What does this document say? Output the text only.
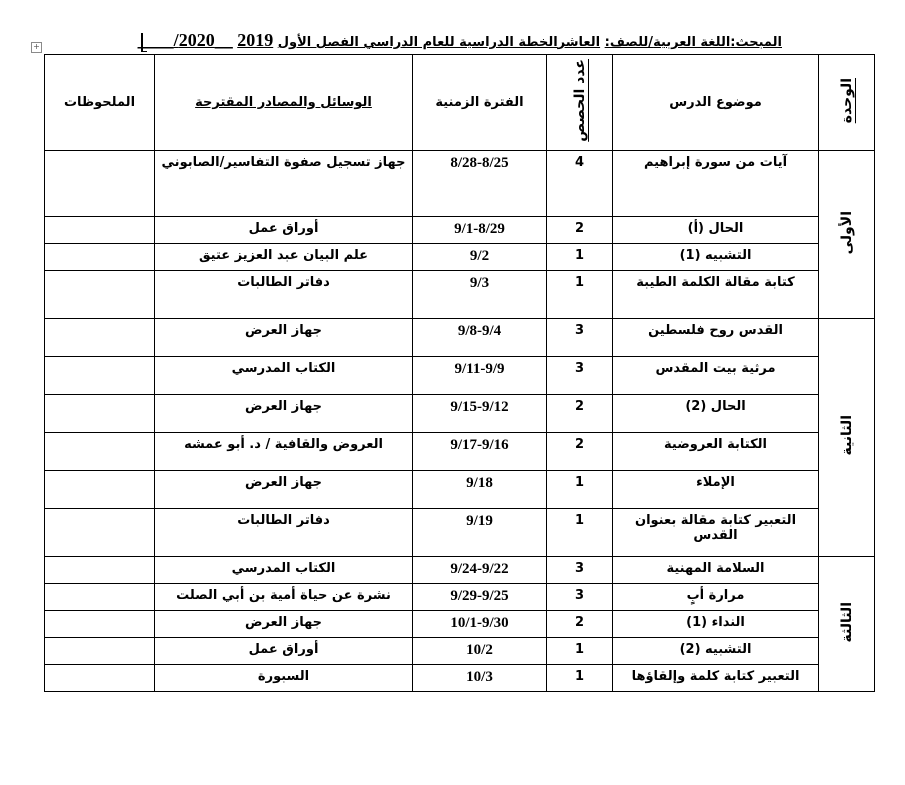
+	المبحث:اللغة العربية/للصف: العاشرالخطة الدراسية للعام الدراسي الفصل الأول 2019 __2020/____
الوحدة	موضوع الدرس	عدد الحصص	الفترة الزمنية	الوسائل والمصادر المقترحة	الملحوظات
الأولى	آيات من سورة إبراهيم	4	8/28-8/25	جهاز تسجيل صفوة التفاسير/الصابوني	
	الحال (أ)	2	9/1-8/29	أوراق عمل	
	التشبيه (1)	1	9/2	علم البيان عبد العزيز عتيق	
	كتابة مقالة الكلمة الطيبة	1	9/3	دفاتر الطالبات	
الثانية	القدس روح فلسطين	3	9/8-9/4	جهاز العرض	
	مرثية بيت المقدس	3	9/11-9/9	الكتاب المدرسي	
	الحال (2)	2	9/15-9/12	جهاز العرض	
	الكتابة العروضية	2	9/17-9/16	العروض والقافية / د. أبو عمشه	
	الإملاء	1	9/18	جهاز العرض	
	التعبير كتابة مقالة بعنوان القدس	1	9/19	دفاتر الطالبات	
الثالثة	السلامة المهنية	3	9/24-9/22	الكتاب المدرسي	
	مرارة أبٍ	3	9/29-9/25	نشرة عن حياة أمية بن أبي الصلت	
	النداء (1)	2	10/1-9/30	جهاز العرض	
	التشبيه (2)	1	10/2	أوراق عمل	
	التعبير كتابة كلمة وإلقاؤها	1	10/3	السبورة	
